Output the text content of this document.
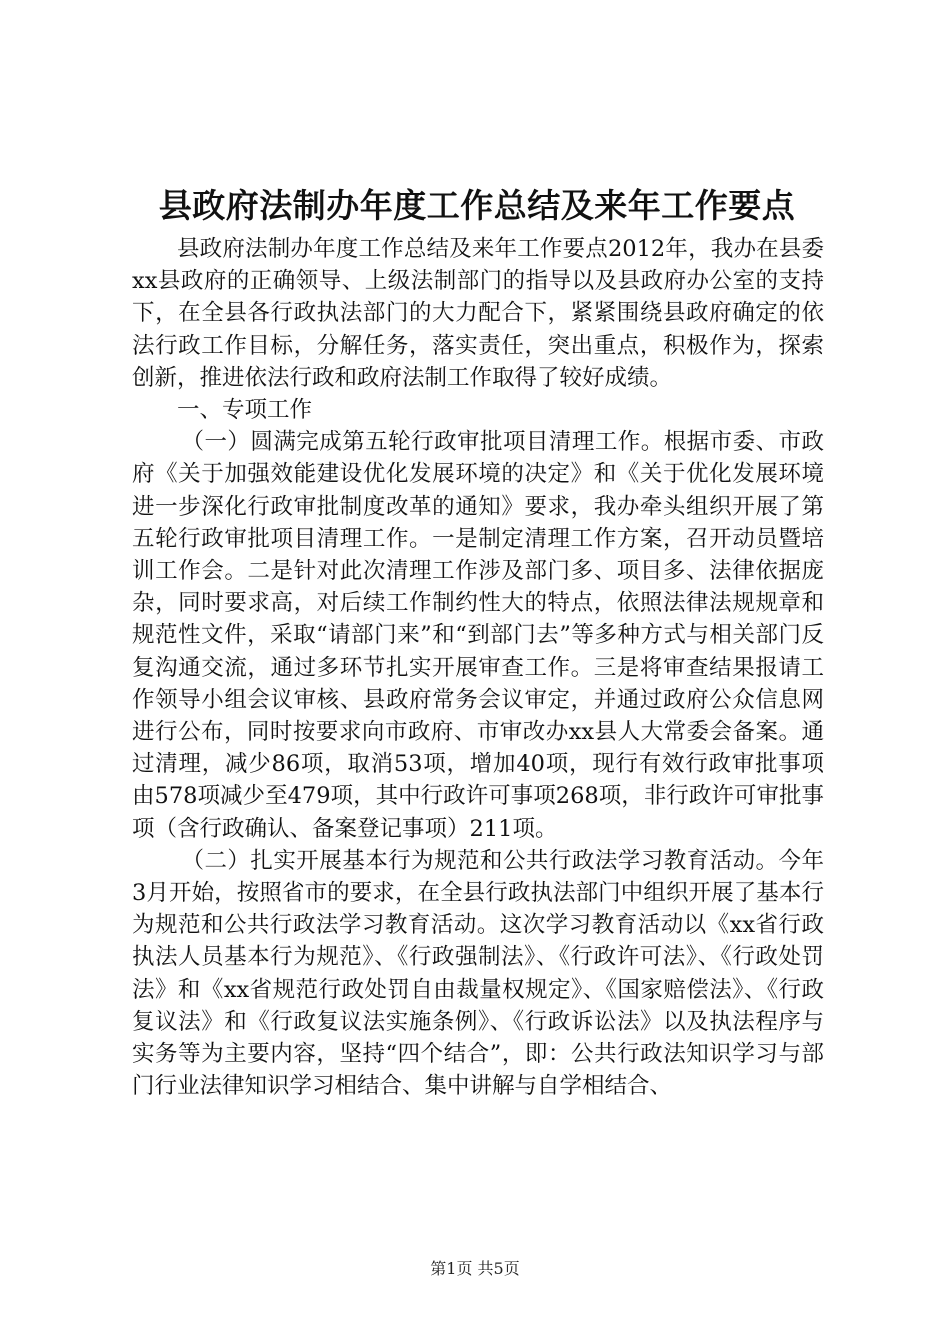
县政府法制办年度工作总结及来年工作要点

县政府法制办年度工作总结及来年工作要点2012年，我办在县委xx县政府的正确领导、上级法制部门的指导以及县政府办公室的支持下，在全县各行政执法部门的大力配合下，紧紧围绕县政府确定的依法行政工作目标，分解任务，落实责任，突出重点，积极作为，探索创新，推进依法行政和政府法制工作取得了较好成绩。

一、专项工作

（一）圆满完成第五轮行政审批项目清理工作。根据市委、市政府《关于加强效能建设优化发展环境的决定》和《关于优化发展环境进一步深化行政审批制度改革的通知》要求，我办牵头组织开展了第五轮行政审批项目清理工作。一是制定清理工作方案，召开动员暨培训工作会。二是针对此次清理工作涉及部门多、项目多、法律依据庞杂，同时要求高，对后续工作制约性大的特点，依照法律法规规章和规范性文件，采取“请部门来”和“到部门去”等多种方式与相关部门反复沟通交流，通过多环节扎实开展审查工作。三是将审查结果报请工作领导小组会议审核、县政府常务会议审定，并通过政府公众信息网进行公布，同时按要求向市政府、市审改办xx县人大常委会备案。通过清理，减少86项，取消53项，增加40项，现行有效行政审批事项由578项减少至479项，其中行政许可事项268项，非行政许可审批事项（含行政确认、备案登记事项）211项。

（二）扎实开展基本行为规范和公共行政法学习教育活动。今年3月开始，按照省市的要求，在全县行政执法部门中组织开展了基本行为规范和公共行政法学习教育活动。这次学习教育活动以《xx省行政执法人员基本行为规范》、《行政强制法》、《行政许可法》、《行政处罚法》和《xx省规范行政处罚自由裁量权规定》、《国家赔偿法》、《行政复议法》和《行政复议法实施条例》、《行政诉讼法》以及执法程序与实务等为主要内容，坚持“四个结合”，即：公共行政法知识学习与部门行业法律知识学习相结合、集中讲解与自学相结合、

第1页 共5页
